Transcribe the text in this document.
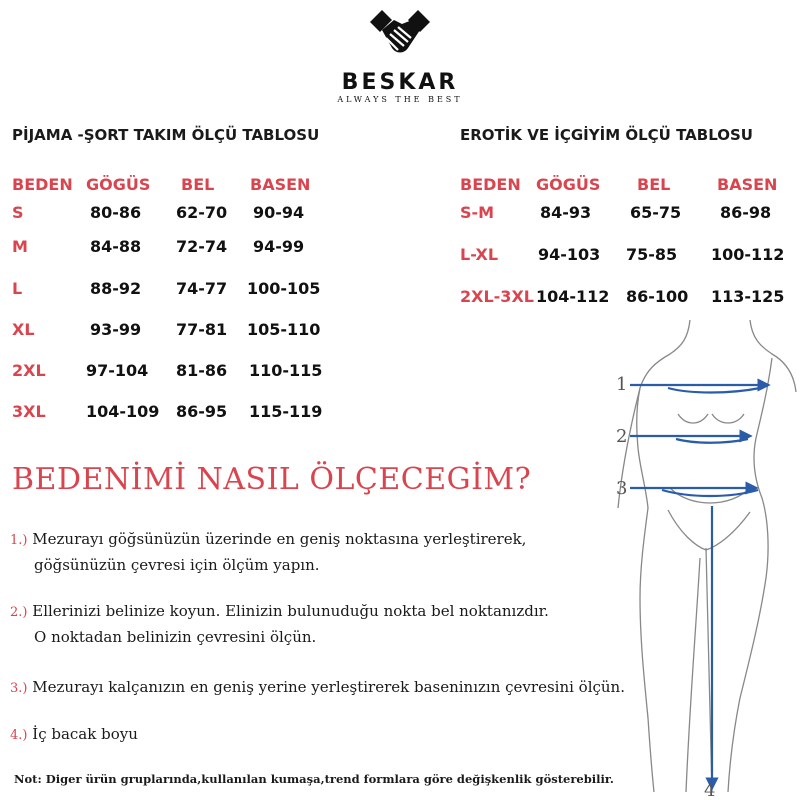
BESKAR
ALWAYS THE BEST
PİJAMA -ŞORT TAKIM ÖLÇÜ TABLOSU
BEDEN GÖGÜS BEL BASEN
S	80-86 62-70 90-94
M	84-88 72-74 94-99
L	88-92 74-77 100-105
XL	93-99 77-81 105-110
2XL	97-104 81-86 110-115
3XL	104-109 86-95 115-119
EROTİK VE İÇGİYİM ÖLÇÜ TABLOSU
BEDEN GÖGÜS BEL	BASEN
S-M	84-93 65-75 86-98
L-XL 94-103 75-85 100-112
2XL-3XL 104-112 86-100 113-125
BEDENİMİ NASIL ÖLÇECEGİM?
1.) Mezurayı göğsünüzün üzerinde en geniş noktasına yerleştirerek,
göğsünüzün çevresi için ölçüm yapın.
2.) Ellerinizi belinize koyun. Elinizin bulunuduğu nokta bel noktanızdır.
O noktadan belinizin çevresini ölçün.
3.) Mezurayı kalçanızın en geniş yerine yerleştirerek baseninızın çevresini ölçün.
4.) İç bacak boyu
1
2
3
4
Not: Diger ürün gruplarında,kullanılan kumaşa,trend formlara göre değişkenlik gösterebilir.
